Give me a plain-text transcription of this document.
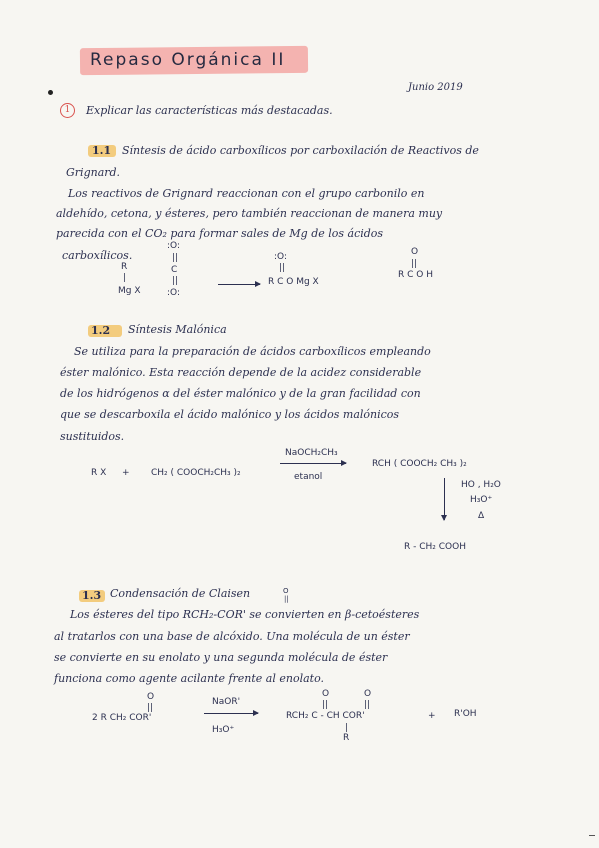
Repaso Orgánica II
Junio 2019
1	Explicar las características más destacadas.
1.1 Síntesis de ácido carboxílicos por carboxilación de Reactivos de
Grignard.
Los reactivos de Grignard reaccionan con el grupo carbonilo en
aldehído, cetona, y ésteres, pero también reaccionan de manera muy
parecida con el CO₂ para formar sales de Mg de los ácidos
carboxílicos.
R
|
Mg X
:O:
||
C
||
:O:
:O:
||
R C O Mg X
O
||
R C O H
1.2 Síntesis Malónica
Se utiliza para la preparación de ácidos carboxílicos empleando
éster malónico. Esta reacción depende de la acidez considerable
de los hidrógenos α del éster malónico y de la gran facilidad con
que se descarboxila el ácido malónico y los ácidos malónicos
sustituidos.
R X + CH₂ ( COOCH₂CH₃ )₂
NaOCH₂CH₃
etanol
RCH ( COOCH₂ CH₃ )₂
HO , H₂O
H₃O⁺
Δ
R - CH₂ COOH
1.3 Condensación de Claisen	O
||
Los ésteres del tipo RCH₂-COR' se convierten en β-cetoésteres
al tratarlos con una base de alcóxido. Una molécula de un éster
se convierte en su enolato y una segunda molécula de éster
funciona como agente acilante frente al enolato.
O
||
2 R CH₂ COR'
NaOR'
H₃O⁺
O
||
O
||
RCH₂ C - CH COR'
|
R
+ R'OH
